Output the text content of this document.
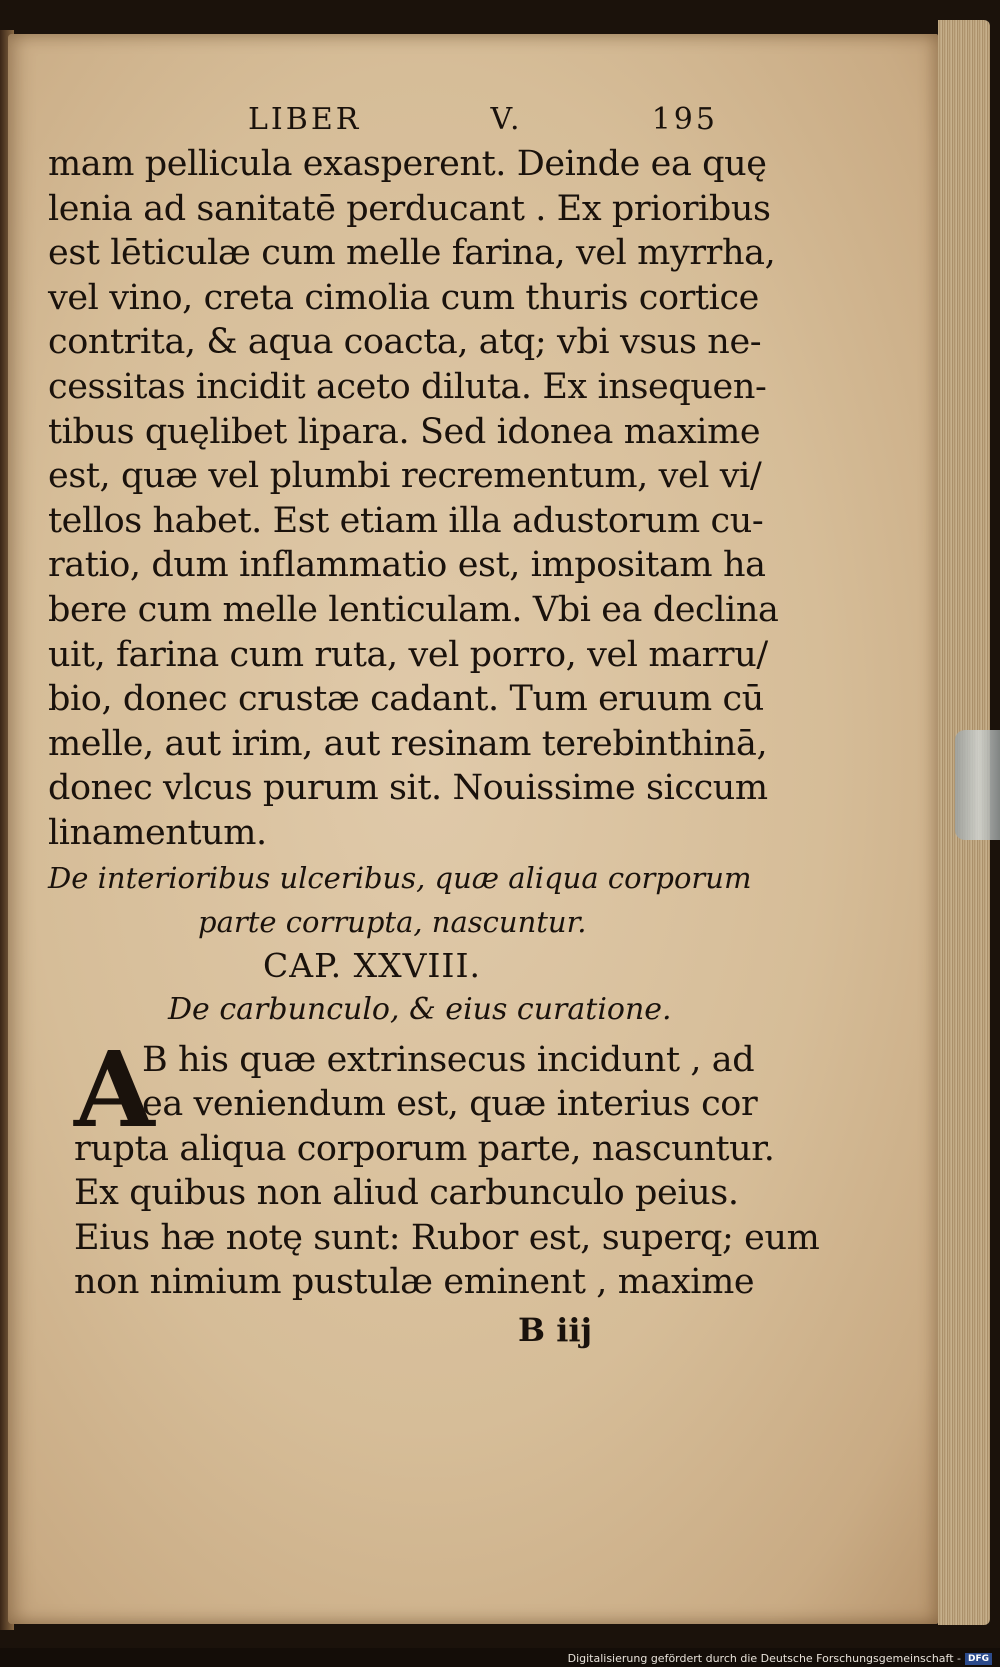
LIBER	V.	195
mam pellicula exasperent. Deinde ea quę
lenia ad sanitatē perducant . Ex prioribus
est lēticulæ cum melle farina, vel myrrha,
vel vino, creta cimolia cum thuris cortice
contrita, & aqua coacta, atq; vbi vsus ne-
cessitas incidit aceto diluta. Ex insequen-
tibus quęlibet lipara. Sed idonea maxime
est, quæ vel plumbi recrementum, vel vi/
tellos habet. Est etiam illa adustorum cu-
ratio, dum inflammatio est, impositam ha
bere cum melle lenticulam. Vbi ea declina
uit, farina cum ruta, vel porro, vel marru/
bio, donec crustæ cadant. Tum eruum cū
melle, aut irim, aut resinam terebinthinā,
donec vlcus purum sit. Nouissime siccum
linamentum.
De interioribus ulceribus, quæ aliqua corporum
parte corrupta, nascuntur.
CAP. XXVIII.
De carbunculo, & eius curatione.
A
B his quæ extrinsecus incidunt , ad
ea veniendum est, quæ interius cor
rupta aliqua corporum parte, nascuntur.
Ex quibus non aliud carbunculo peius.
Eius hæ notę sunt: Rubor est, superq; eum
non nimium pustulæ eminent , maxime
B iij
Digitalisierung gefördert durch die Deutsche Forschungsgemeinschaft - DFG
